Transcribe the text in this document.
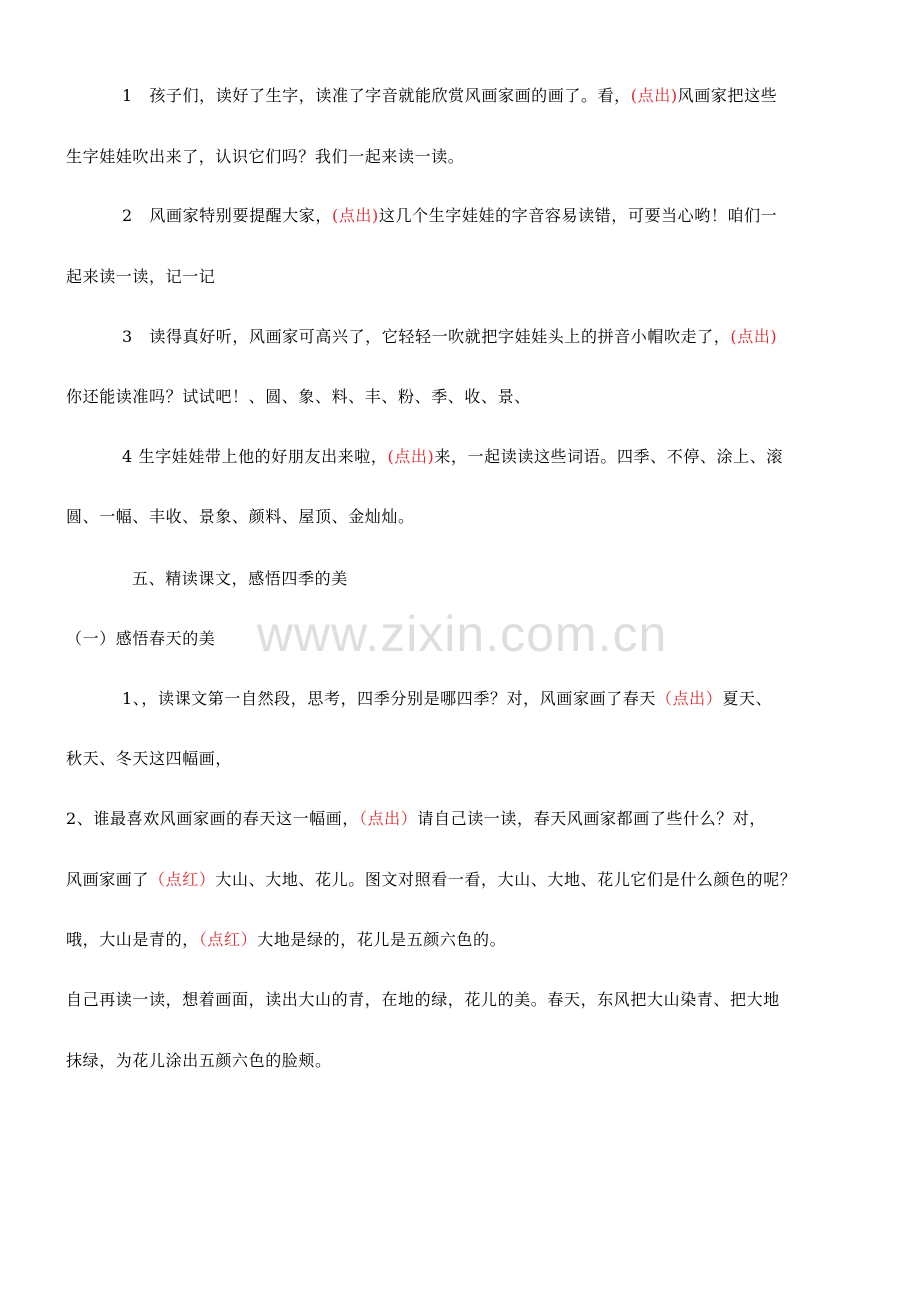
www.zixin.com.cn
1　孩子们，读好了生字，读准了字音就能欣赏风画家画的画了。看，(点出)风画家把这些
生字娃娃吹出来了，认识它们吗？我们一起来读一读。
2　风画家特别要提醒大家，(点出)这几个生字娃娃的字音容易读错，可要当心哟！咱们一
起来读一读，记一记
3　读得真好听，风画家可高兴了，它轻轻一吹就把字娃娃头上的拼音小帽吹走了，(点出)
你还能读准吗？试试吧！、圆、象、料、丰、粉、季、收、景、
4 生字娃娃带上他的好朋友出来啦，(点出)来，一起读读这些词语。四季、不停、涂上、滚
圆、一幅、丰收、景象、颜料、屋顶、金灿灿。
五、精读课文，感悟四季的美
（一）感悟春天的美
1、，读课文第一自然段，思考，四季分别是哪四季？对，风画家画了春天（点出）夏天、
秋天、冬天这四幅画，
2、谁最喜欢风画家画的春天这一幅画，（点出）请自己读一读，春天风画家都画了些什么？对，
风画家画了（点红）大山、大地、花儿。图文对照看一看，大山、大地、花儿它们是什么颜色的呢？
哦，大山是青的，（点红）大地是绿的，花儿是五颜六色的。
自己再读一读，想着画面，读出大山的青，在地的绿，花儿的美。春天，东风把大山染青、把大地
抹绿，为花儿涂出五颜六色的脸颊。
